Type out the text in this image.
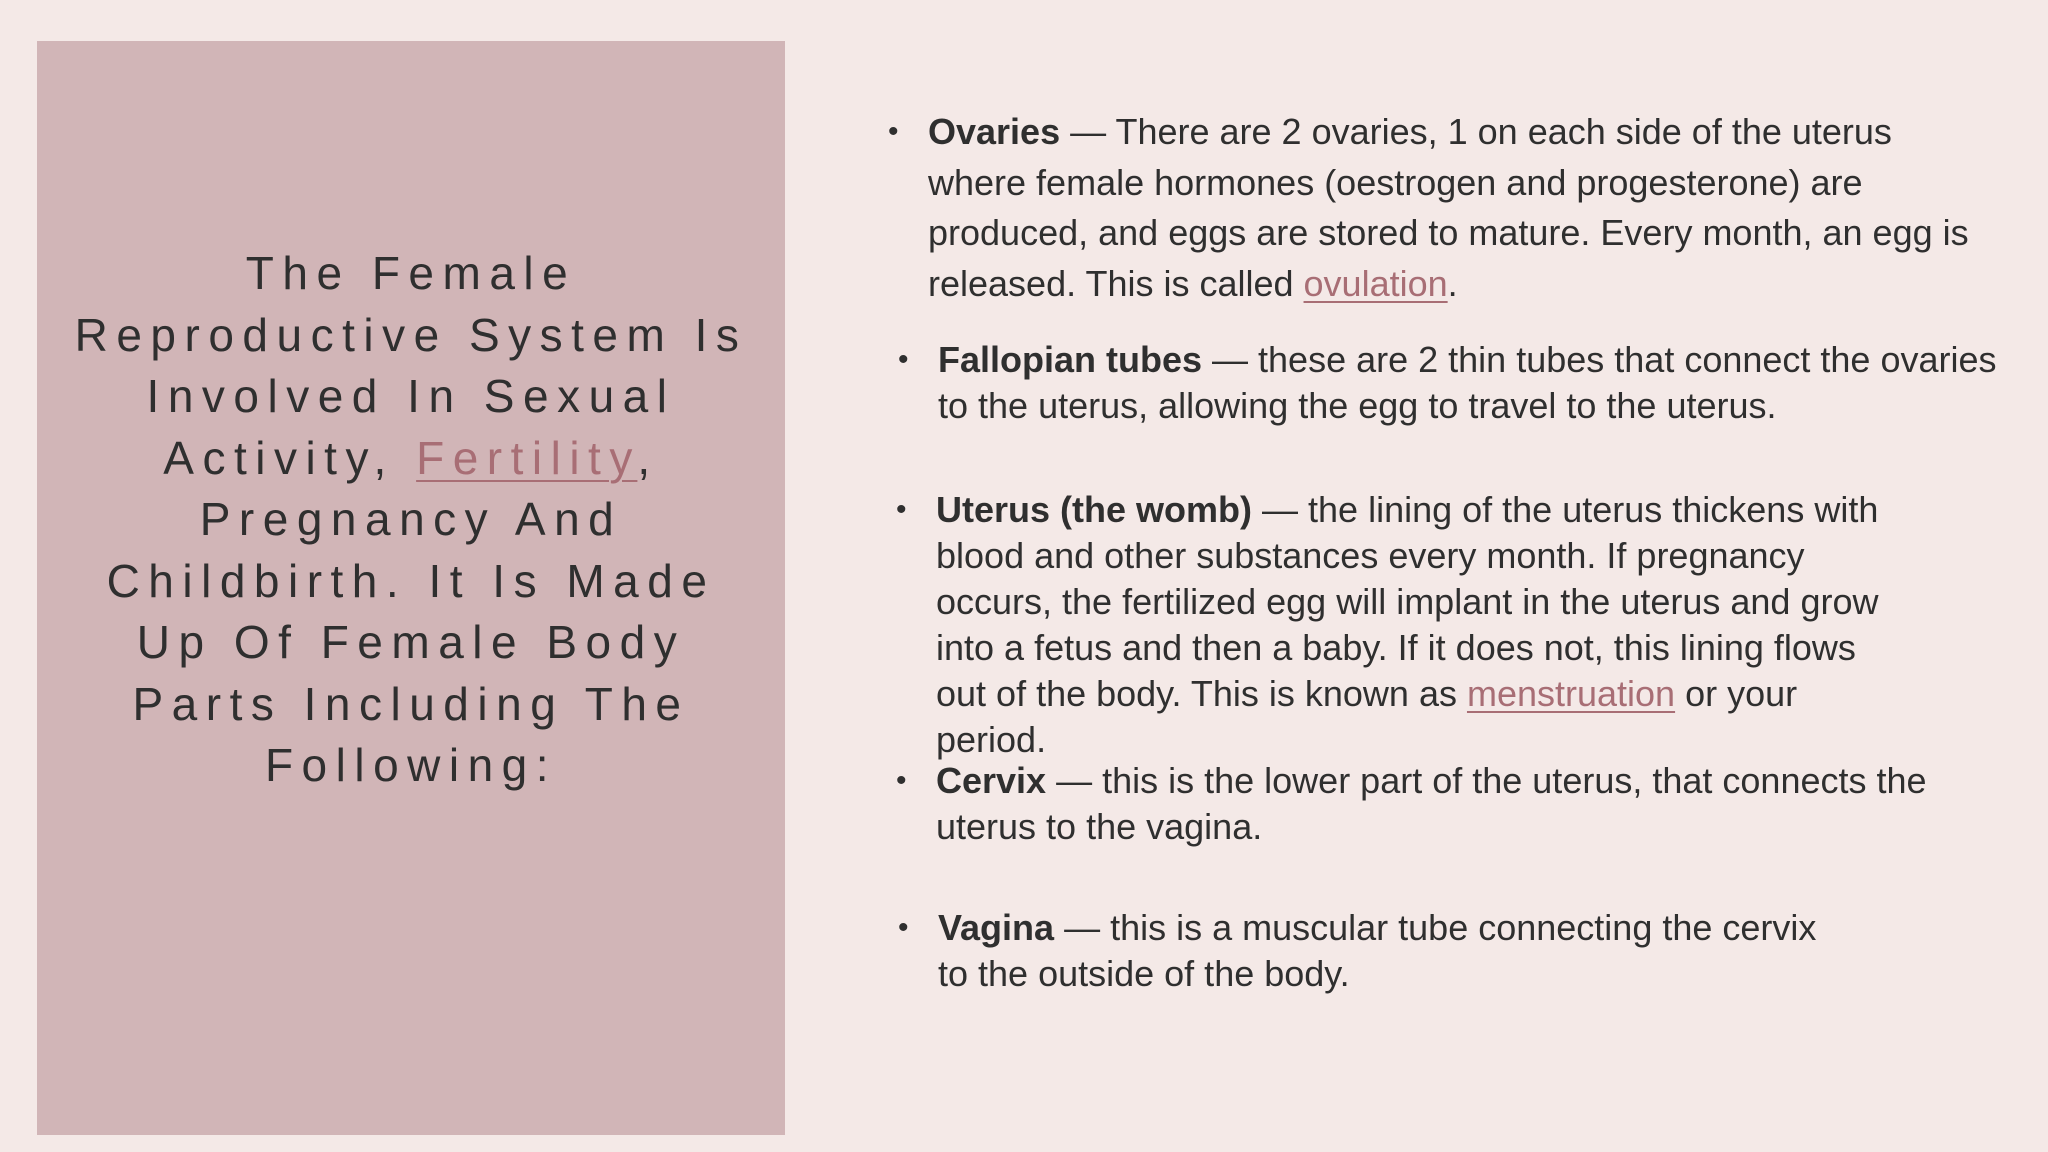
The Female Reproductive System Is Involved In Sexual Activity, Fertility, Pregnancy And Childbirth. It Is Made Up Of Female Body Parts Including The Following:
• Ovaries — There are 2 ovaries, 1 on each side of the uterus where female hormones (oestrogen and progesterone) are produced, and eggs are stored to mature. Every month, an egg is released. This is called ovulation.
• Fallopian tubes — these are 2 thin tubes that connect the ovaries to the uterus, allowing the egg to travel to the uterus.
• Uterus (the womb) — the lining of the uterus thickens with blood and other substances every month. If pregnancy occurs, the fertilized egg will implant in the uterus and grow into a fetus and then a baby. If it does not, this lining flows out of the body. This is known as menstruation or your period.
• Cervix — this is the lower part of the uterus, that connects the uterus to the vagina.
• Vagina — this is a muscular tube connecting the cervix to the outside of the body.
